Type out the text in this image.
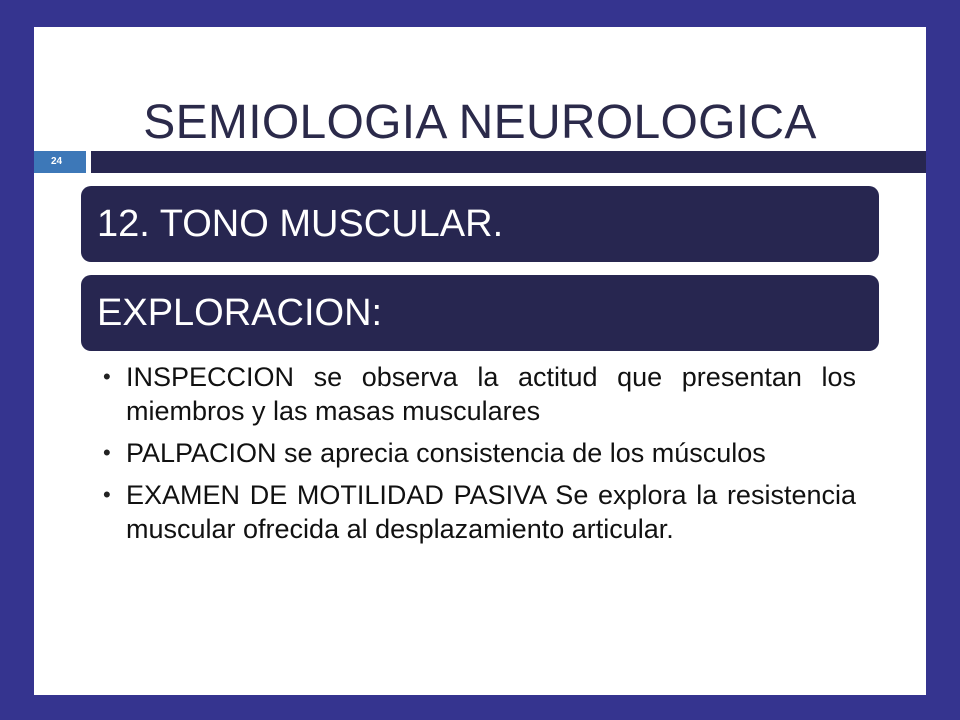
SEMIOLOGIA NEUROLOGICA
24
12. TONO MUSCULAR.
EXPLORACION:
• INSPECCION se observa la actitud que presentan los miembros y las masas musculares
• PALPACION se aprecia consistencia de los músculos
• EXAMEN DE MOTILIDAD PASIVA Se explora la resistencia muscular ofrecida al desplazamiento articular.
